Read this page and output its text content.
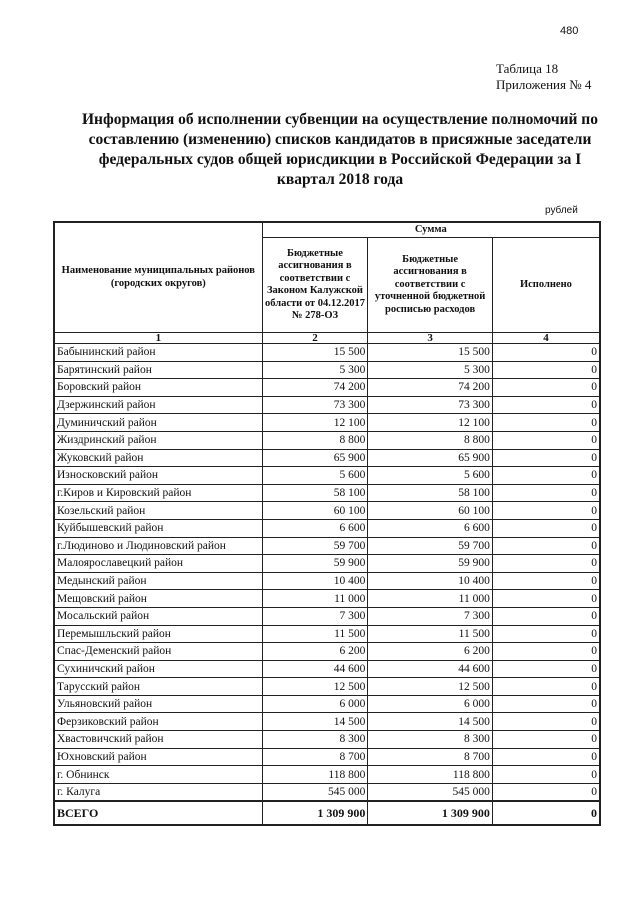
480
Таблица 18
Приложения № 4
Информация об исполнении субвенции на осуществление полномочий по составлению (изменению) списков кандидатов в присяжные заседатели федеральных судов общей юрисдикции в Российской Федерации за I квартал 2018 года
рублей
Наименование муниципальных районов (городских округов)	Сумма		
	Бюджетные ассигнования в соответствии с Законом Калужской области от 04.12.2017 № 278-ОЗ	Бюджетные ассигнования в соответствии с уточненной бюджетной росписью расходов	Исполнено
1	2	3	4
Бабынинский район	15 500	15 500	0
Барятинский район	5 300	5 300	0
Боровский район	74 200	74 200	0
Дзержинский район	73 300	73 300	0
Думиничский район	12 100	12 100	0
Жиздринский район	8 800	8 800	0
Жуковский район	65 900	65 900	0
Износковский район	5 600	5 600	0
г.Киров и Кировский район	58 100	58 100	0
Козельский район	60 100	60 100	0
Куйбышевский район	6 600	6 600	0
г.Людиново и Людиновский район	59 700	59 700	0
Малоярославецкий район	59 900	59 900	0
Медынский район	10 400	10 400	0
Мещовский район	11 000	11 000	0
Мосальский район	7 300	7 300	0
Перемышльский район	11 500	11 500	0
Спас-Деменский район	6 200	6 200	0
Сухиничский район	44 600	44 600	0
Тарусский район	12 500	12 500	0
Ульяновский район	6 000	6 000	0
Ферзиковский район	14 500	14 500	0
Хвастовичский район	8 300	8 300	0
Юхновский район	8 700	8 700	0
г. Обнинск	118 800	118 800	0
г. Калуга	545 000	545 000	0
ВСЕГО	1 309 900	1 309 900	0
